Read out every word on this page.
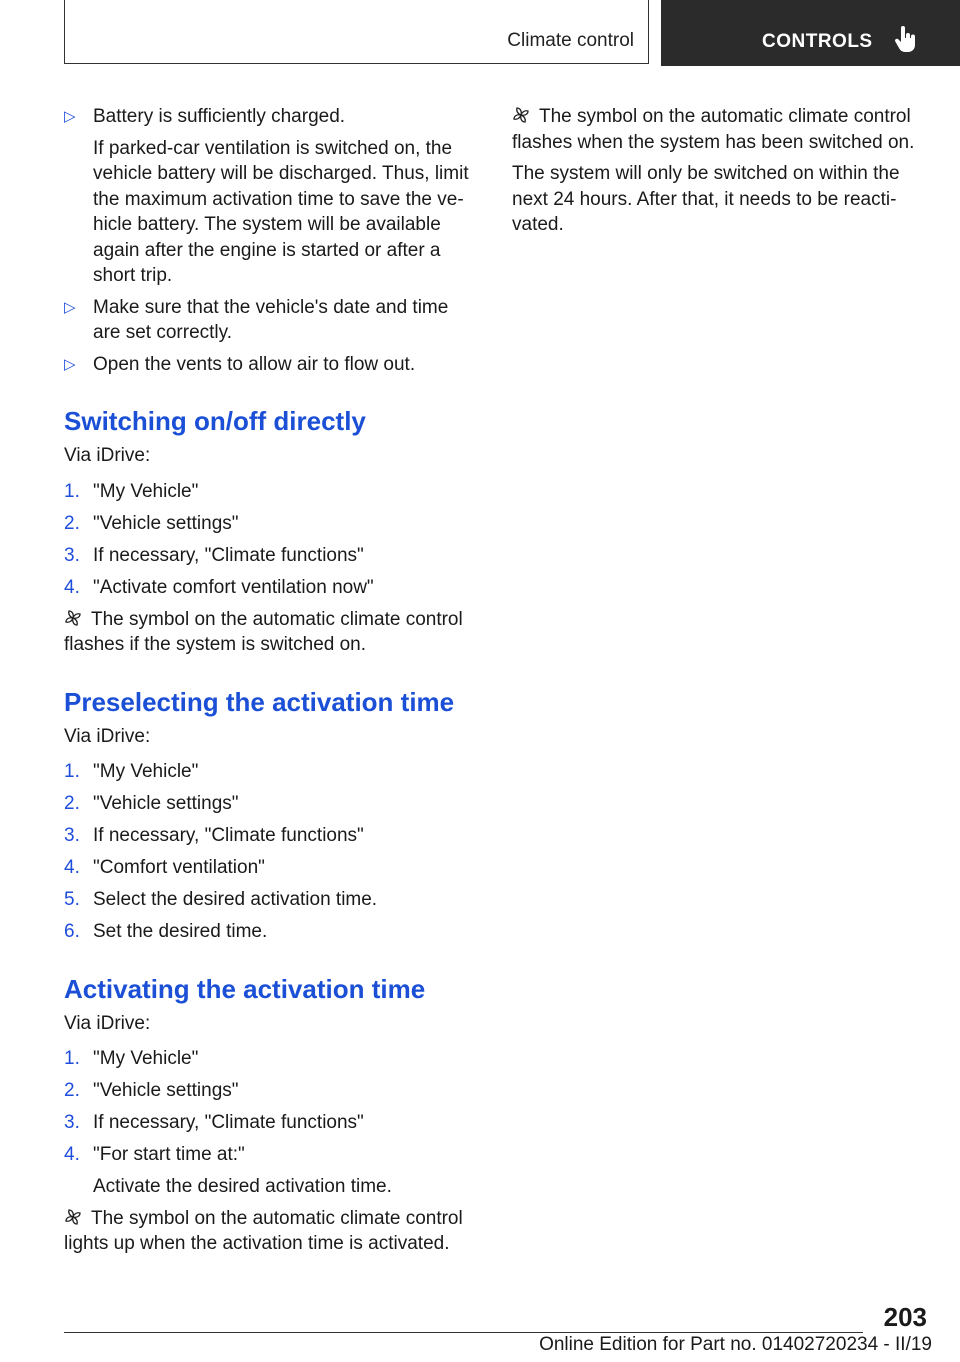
Climate control	CONTROLS
▷ Battery is sufficiently charged.

If parked-car ventilation is switched on, the vehicle battery will be discharged. Thus, limit the maximum activation time to save the vehicle battery. The system will be available again after the engine is started or after a short trip.

▷ Make sure that the vehicle's date and time are set correctly.

▷ Open the vents to allow air to flow out.

Switching on/off directly

Via iDrive:

1. "My Vehicle"
2. "Vehicle settings"
3. If necessary, "Climate functions"
4. "Activate comfort ventilation now"

The symbol on the automatic climate control flashes if the system is switched on.

Preselecting the activation time

Via iDrive:

1. "My Vehicle"
2. "Vehicle settings"
3. If necessary, "Climate functions"
4. "Comfort ventilation"
5. Select the desired activation time.
6. Set the desired time.
Activating the activation time

Via iDrive:

1. "My Vehicle"
2. "Vehicle settings"
3. If necessary, "Climate functions"
4. "For start time at:"
Activate the desired activation time.

The symbol on the automatic climate control lights up when the activation time is activated.

The symbol on the automatic climate control flashes when the system has been switched on.

The system will only be switched on within the next 24 hours. After that, it needs to be reactivated.

203
Online Edition for Part no. 01402720234 - II/19
